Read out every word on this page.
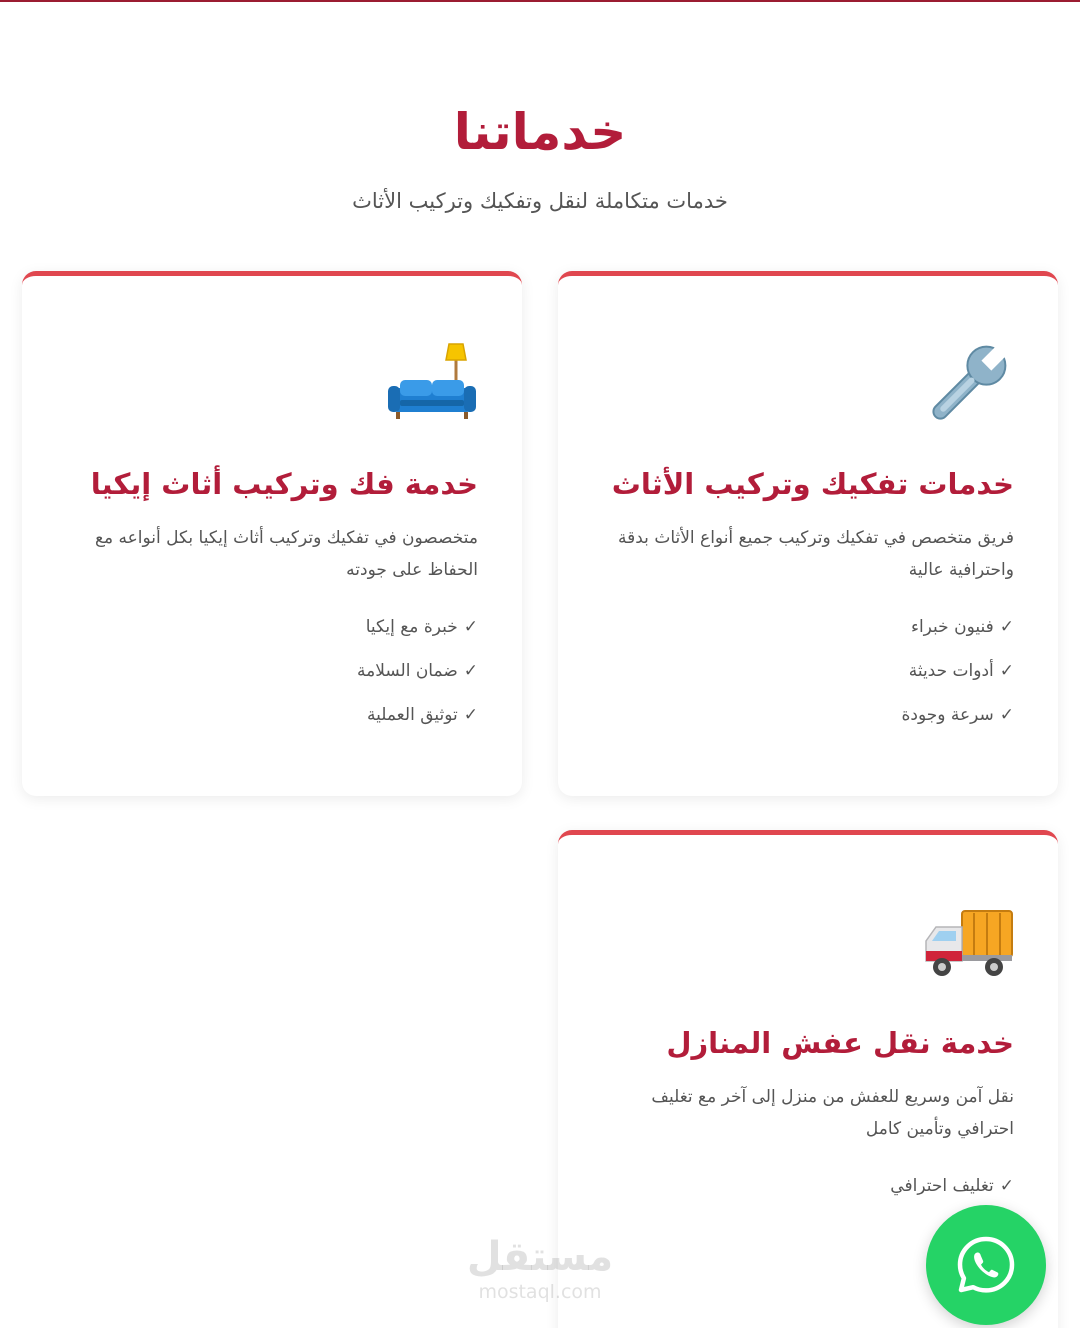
خدماتنا

خدمات متكاملة لنقل وتفكيك وتركيب الأثاث

خدمات تفكيك وتركيب الأثاث

فريق متخصص في تفكيك وتركيب جميع أنواع الأثاث بدقة واحترافية عالية

✓فنيون خبراء
✓أدوات حديثة
✓سرعة وجودة
خدمة فك وتركيب أثاث إيكيا

متخصصون في تفكيك وتركيب أثاث إيكيا بكل أنواعه مع الحفاظ على جودته

✓خبرة مع إيكيا
✓ضمان السلامة
✓توثيق العملية
خدمة نقل عفش المنازل

نقل آمن وسريع للعفش من منزل إلى آخر مع تغليف احترافي وتأمين كامل

✓تغليف احترافي
مستقل
mostaql.com
